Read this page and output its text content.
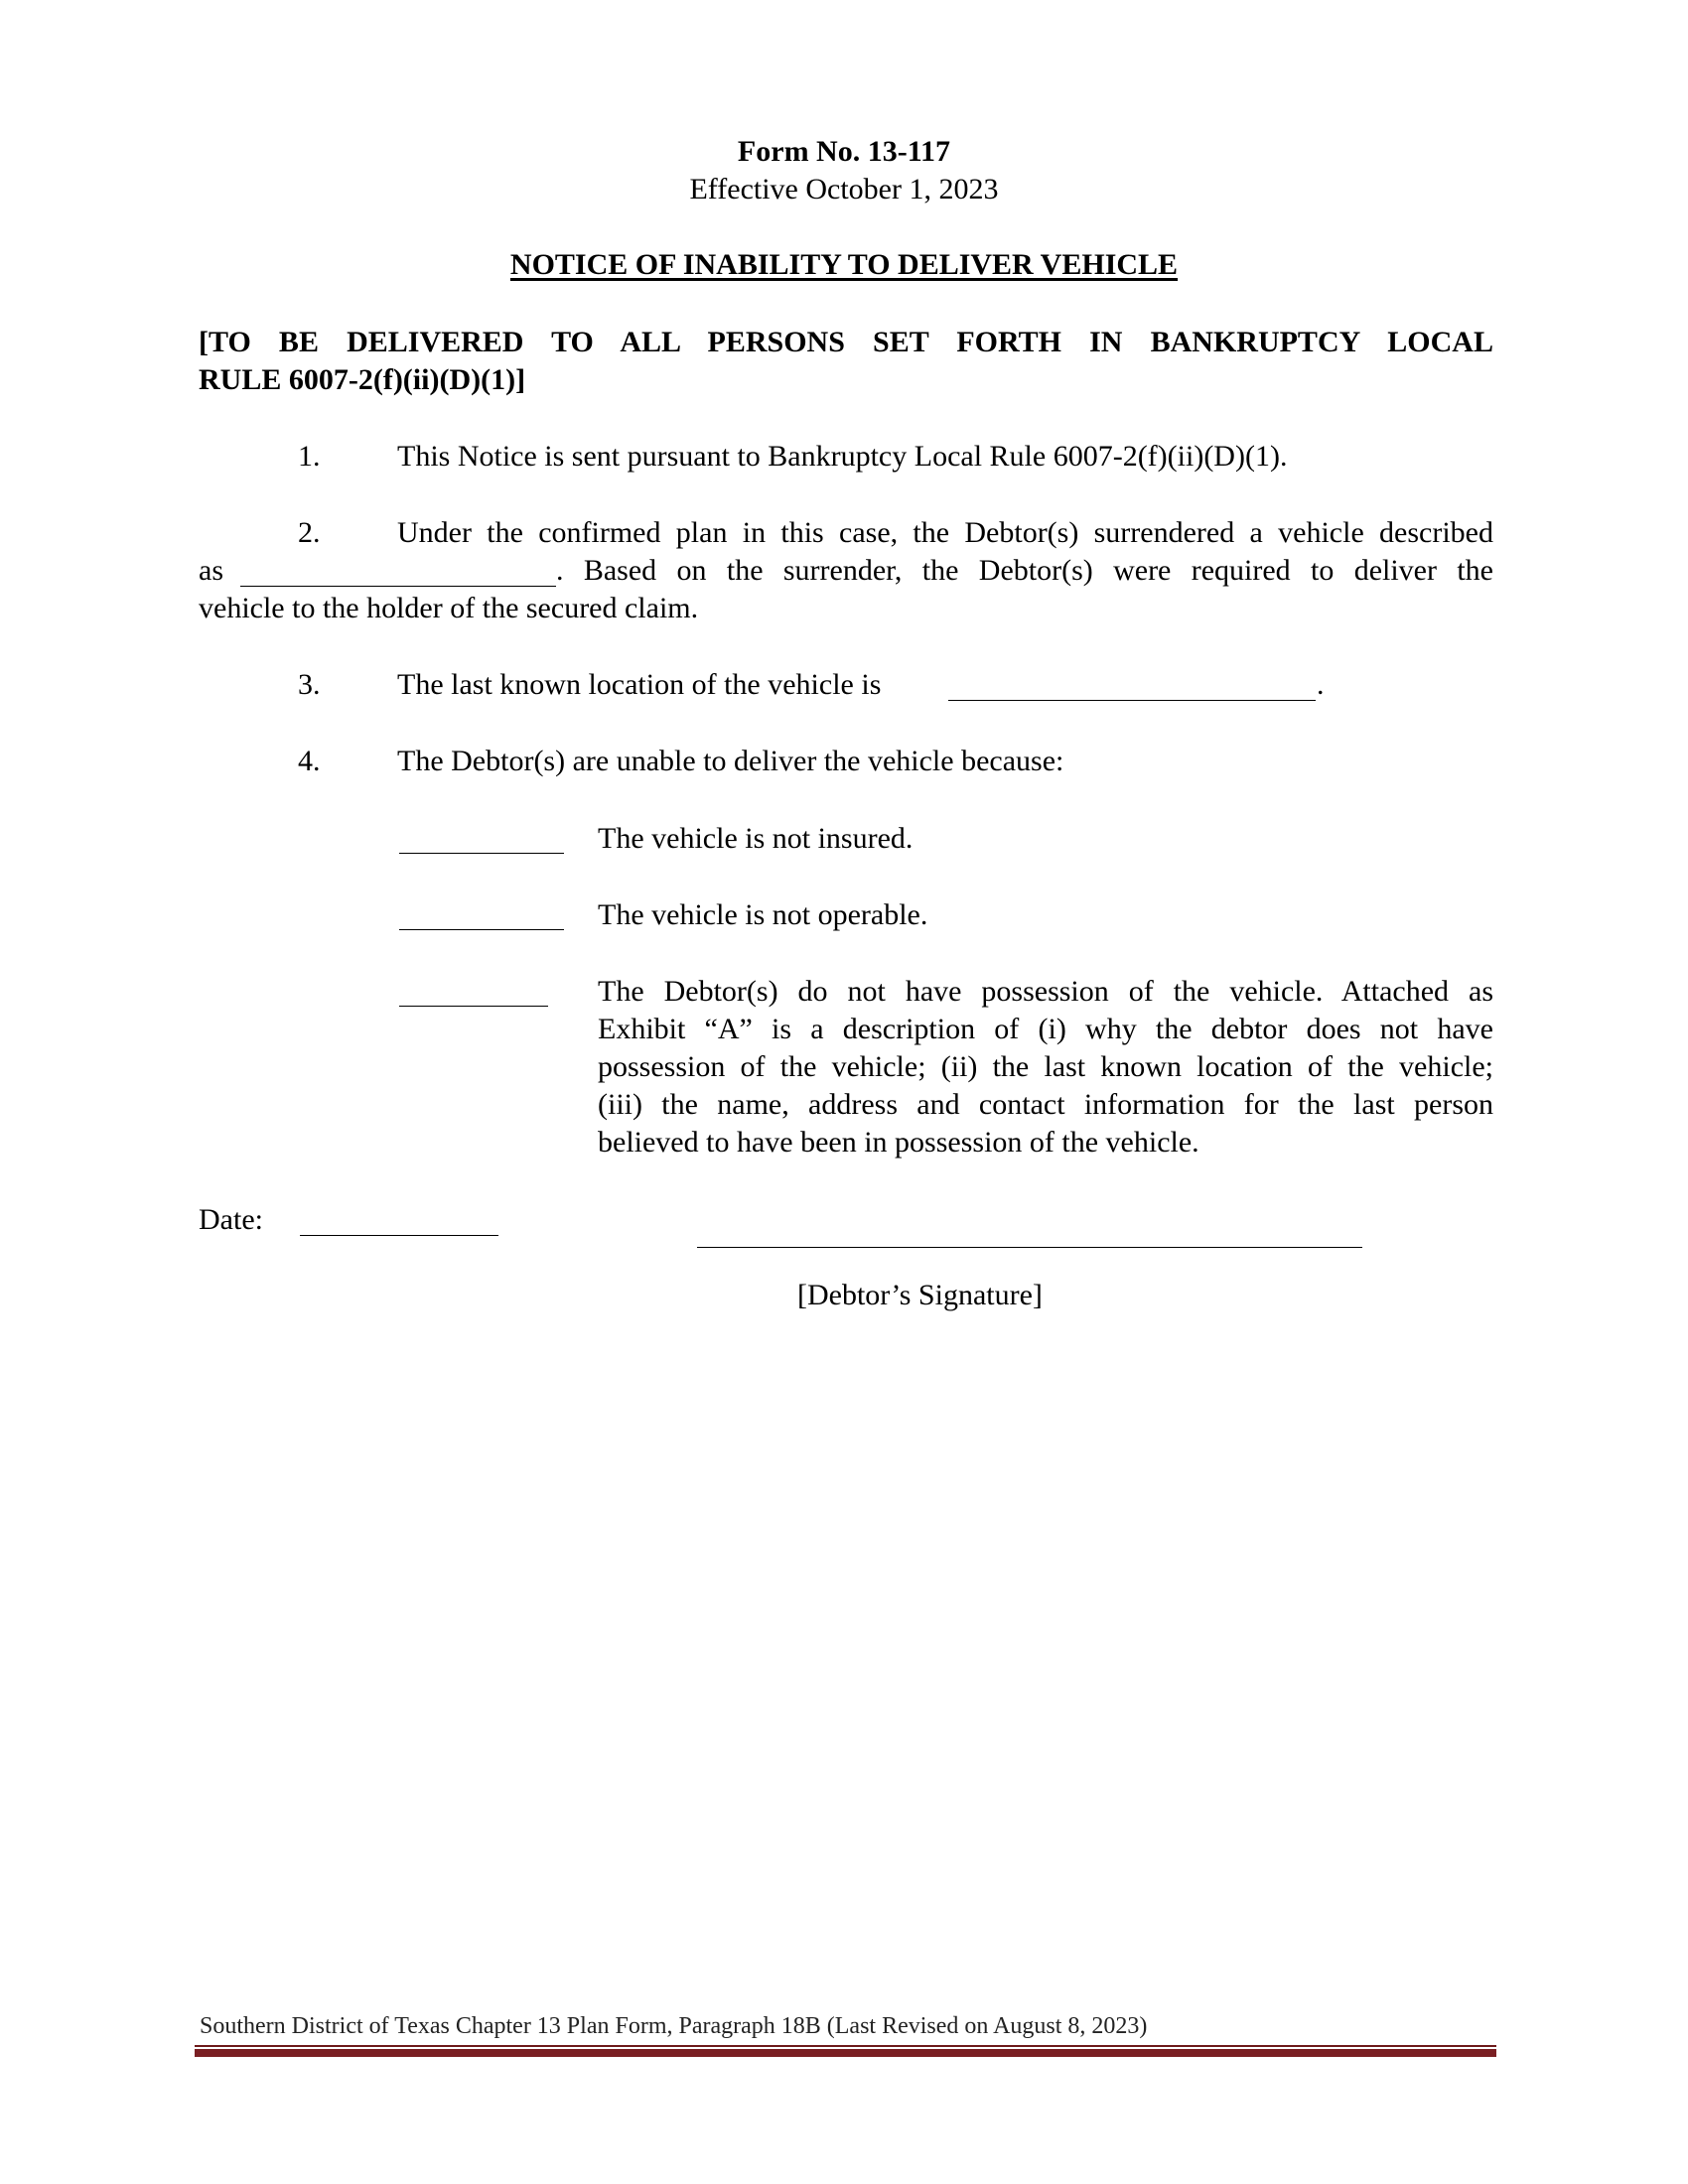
Form No. 13-117
Effective October 1, 2023
NOTICE OF INABILITY TO DELIVER VEHICLE
[TO BE DELIVERED TO ALL PERSONS SET FORTH IN BANKRUPTCY LOCAL
RULE 6007-2(f)(ii)(D)(1)]
1.	This Notice is sent pursuant to Bankruptcy Local Rule 6007-2(f)(ii)(D)(1).
2.	Under the confirmed plan in this case, the Debtor(s) surrendered a vehicle described
as	. Based on the surrender, the Debtor(s) were required to deliver the
vehicle to the holder of the secured claim.
3.	The last known location of the vehicle is	.
4.	The Debtor(s) are unable to deliver the vehicle because:
The vehicle is not insured.
The vehicle is not operable.
The Debtor(s) do not have possession of the vehicle. Attached as
Exhibit “A” is a description of (i) why the debtor does not have
possession of the vehicle; (ii) the last known location of the vehicle;
(iii) the name, address and contact information for the last person
believed to have been in possession of the vehicle.
Date:
[Debtor’s Signature]
Southern District of Texas Chapter 13 Plan Form, Paragraph 18B (Last Revised on August 8, 2023)
